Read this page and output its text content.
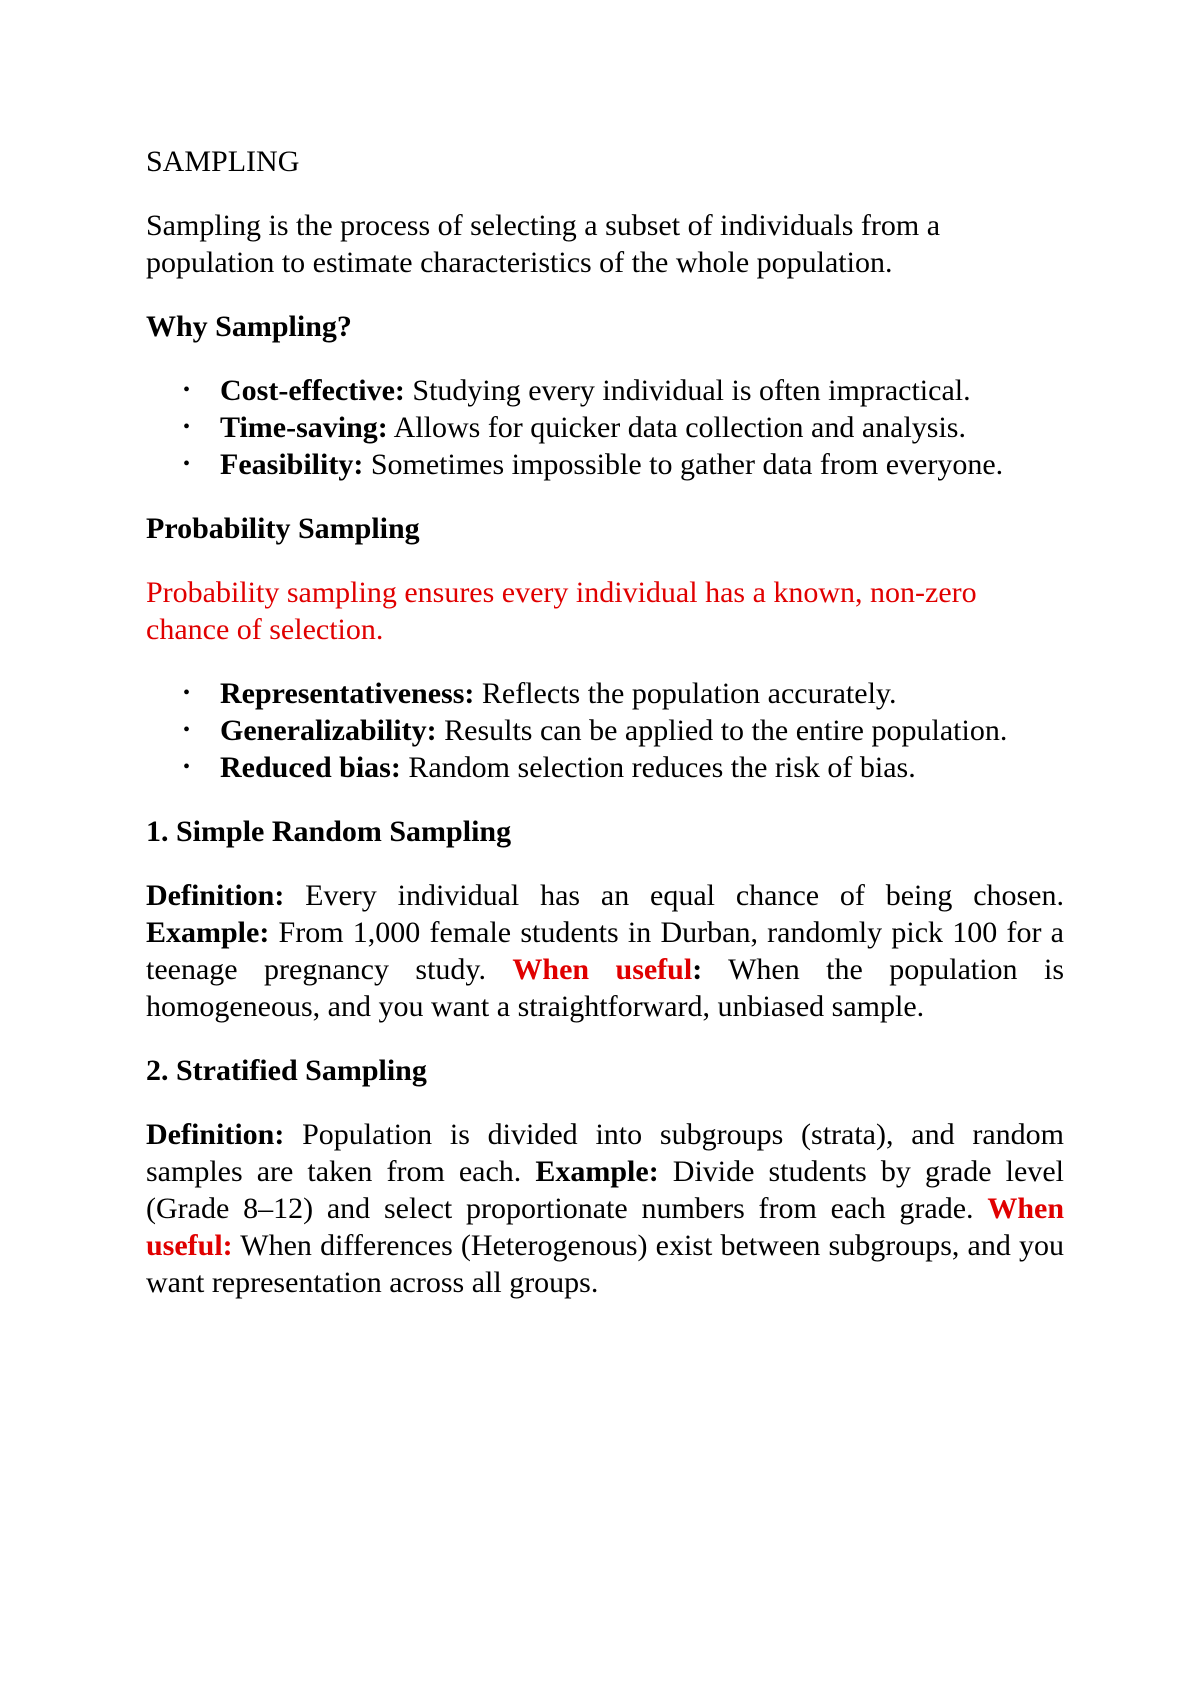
SAMPLING

Sampling is the process of selecting a subset of individuals from a population to estimate characteristics of the whole population.

Why Sampling?

• Cost-effective: Studying every individual is often impractical.
• Time-saving: Allows for quicker data collection and analysis.
• Feasibility: Sometimes impossible to gather data from everyone.

Probability Sampling

Probability sampling ensures every individual has a known, non-zero chance of selection.

• Representativeness: Reflects the population accurately.
• Generalizability: Results can be applied to the entire population.
• Reduced bias: Random selection reduces the risk of bias.

1. Simple Random Sampling

Definition: Every individual has an equal chance of being chosen. Example: From 1,000 female students in Durban, randomly pick 100 for a teenage pregnancy study. When useful: When the population is homogeneous, and you want a straightforward, unbiased sample.

2. Stratified Sampling

Definition: Population is divided into subgroups (strata), and random samples are taken from each. Example: Divide students by grade level (Grade 8–12) and select proportionate numbers from each grade. When useful: When differences (Heterogenous) exist between subgroups, and you want representation across all groups.
